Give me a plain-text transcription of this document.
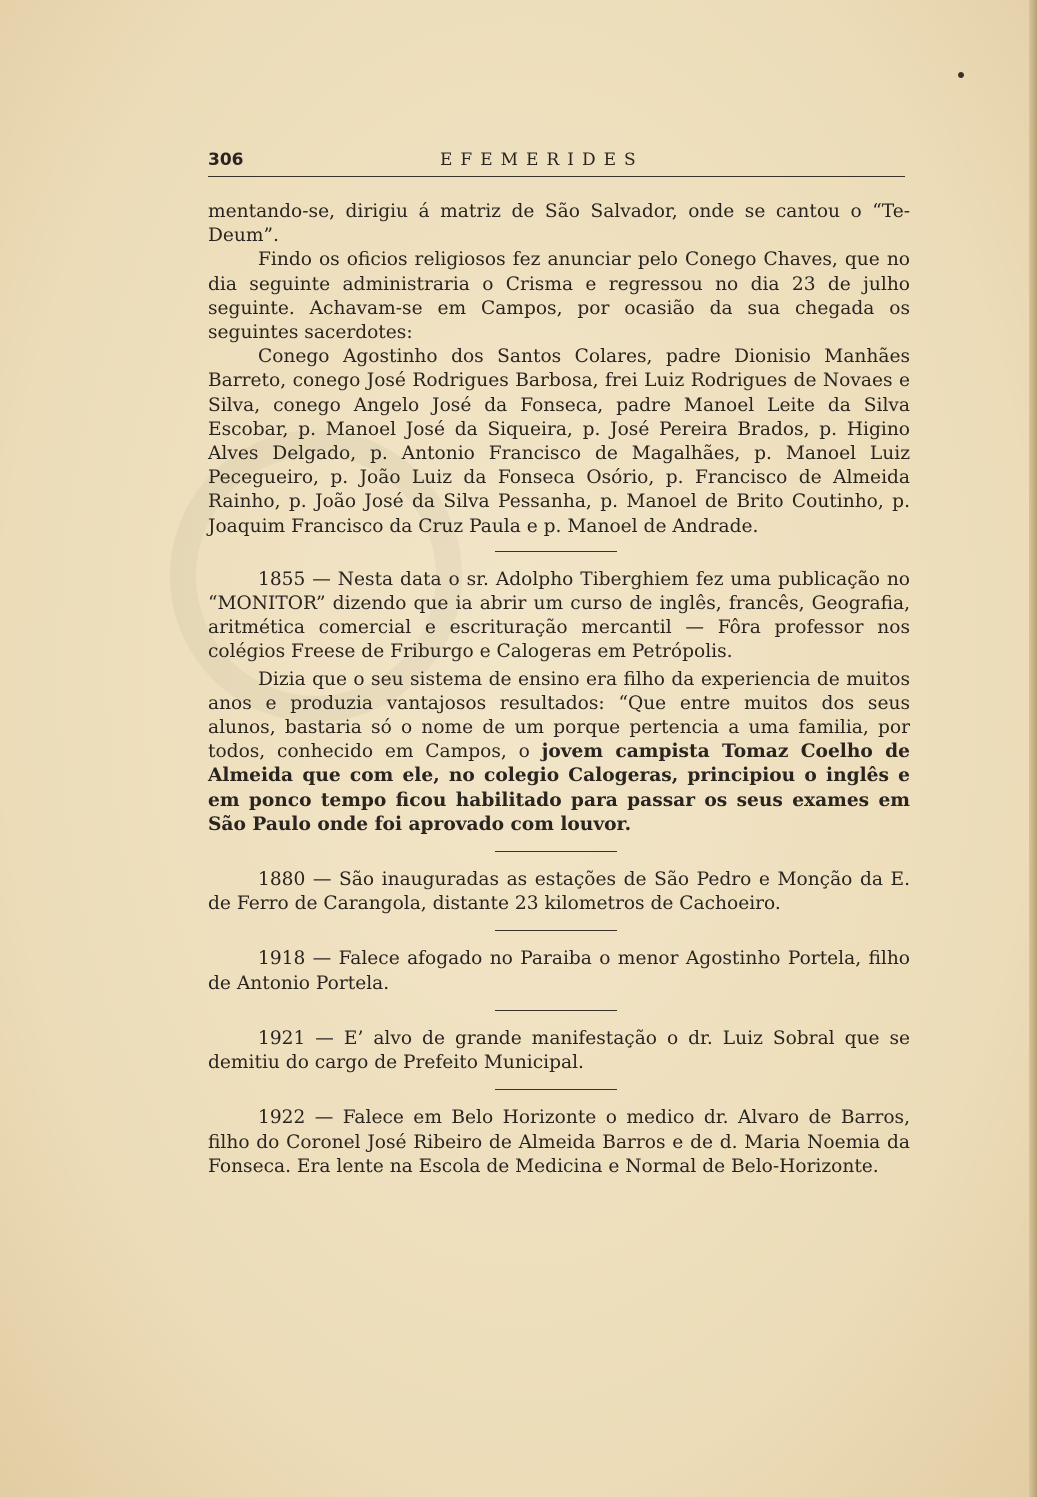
306	EFEMERIDES

mentando-se, dirigiu á matriz de São Salvador, onde se cantou o “Te-Deum”.

Findo os oficios religiosos fez anunciar pelo Conego Chaves, que no dia seguinte administraria o Crisma e regressou no dia 23 de julho seguinte. Achavam-se em Campos, por ocasião da sua chegada os seguintes sacerdotes:

Conego Agostinho dos Santos Colares, padre Dionisio Manhães Barreto, conego José Rodrigues Barbosa, frei Luiz Rodrigues de Novaes e Silva, conego Angelo José da Fonseca, padre Manoel Leite da Silva Escobar, p. Manoel José da Siqueira, p. José Pereira Brados, p. Higino Alves Delgado, p. Antonio Francisco de Magalhães, p. Manoel Luiz Pecegueiro, p. João Luiz da Fonseca Osório, p. Francisco de Almeida Rainho, p. João José da Silva Pessanha, p. Manoel de Brito Coutinho, p. Joaquim Francisco da Cruz Paula e p. Manoel de Andrade.

1855 — Nesta data o sr. Adolpho Tiberghiem fez uma publicação no “MONITOR” dizendo que ia abrir um curso de inglês, francês, Geografia, aritmética comercial e escrituração mercantil — Fôra professor nos colégios Freese de Friburgo e Calogeras em Petrópolis.

Dizia que o seu sistema de ensino era filho da experiencia de muitos anos e produzia vantajosos resultados: “Que entre muitos dos seus alunos, bastaria só o nome de um porque pertencia a uma familia, por todos, conhecido em Campos, o jovem campista Tomaz Coelho de Almeida que com ele, no colegio Calogeras, principiou o inglês e em ponco tempo ficou habilitado para passar os seus exames em São Paulo onde foi aprovado com louvor.

1880 — São inauguradas as estações de São Pedro e Monção da E. de Ferro de Carangola, distante 23 kilometros de Cachoeiro.

1918 — Falece afogado no Paraiba o menor Agostinho Portela, filho de Antonio Portela.

1921 — E’ alvo de grande manifestação o dr. Luiz Sobral que se demitiu do cargo de Prefeito Municipal.

1922 — Falece em Belo Horizonte o medico dr. Alvaro de Barros, filho do Coronel José Ribeiro de Almeida Barros e de d. Maria Noemia da Fonseca. Era lente na Escola de Medicina e Normal de Belo-Horizonte.
